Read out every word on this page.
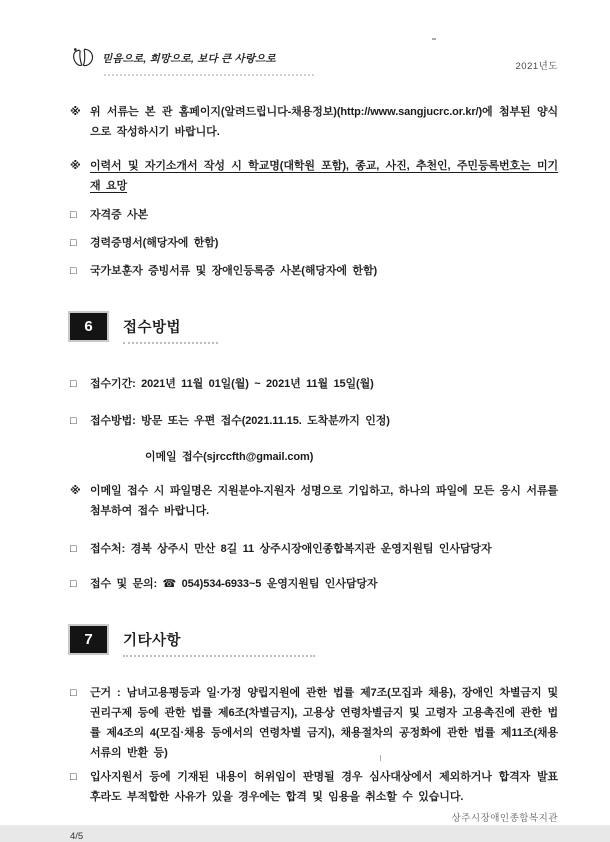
믿음으로, 희망으로, 보다 큰 사랑으로
2021년도
※ 위 서류는 본 관 홈페이지(알려드립니다-채용정보)(http://www.sangjucrc.or.kr/)에 첨부된 양식으로 작성하시기 바랍니다.
※ 이력서 및 자기소개서 작성 시 학교명(대학원 포함), 종교, 사진, 추천인, 주민등록번호는 미기재 요망
□	자격증 사본
□	경력증명서(해당자에 한함)
□	국가보훈자 증빙서류 및 장애인등록증 사본(해당자에 한함)
6	접수방법
□	접수기간: 2021년 11월 01일(월) ~ 2021년 11월 15일(월)
□	접수방법: 방문 또는 우편 접수(2021.11.15. 도착분까지 인정)
이메일 접수(sjrccfth@gmail.com)
※ 이메일 접수 시 파일명은 지원분야-지원자 성명으로 기입하고, 하나의 파일에 모든 응시 서류를 첨부하여 접수 바랍니다.
□	접수처: 경북 상주시 만산 8길 11 상주시장애인종합복지관 운영지원팀 인사담당자
□	접수 및 문의: ☎ 054)534-6933~5 운영지원팀 인사담당자
7	기타사항
□	근거 : 남녀고용평등과 일·가정 양립지원에 관한 법률 제7조(모집과 채용), 장애인 차별금지 및 권리구제 등에 관한 법률 제6조(차별금지), 고용상 연령차별금지 및 고령자 고용촉진에 관한 법률 제4조의 4(모집·채용 등에서의 연령차별 금지), 채용절차의 공정화에 관한 법률 제11조(채용서류의 반환 등)
□	입사지원서 등에 기재된 내용이 허위임이 판명될 경우 심사대상에서 제외하거나 합격자 발표 후라도 부적합한 사유가 있을 경우에는 합격 및 임용을 취소할 수 있습니다.
상주시장애인종합복지관
4/5
